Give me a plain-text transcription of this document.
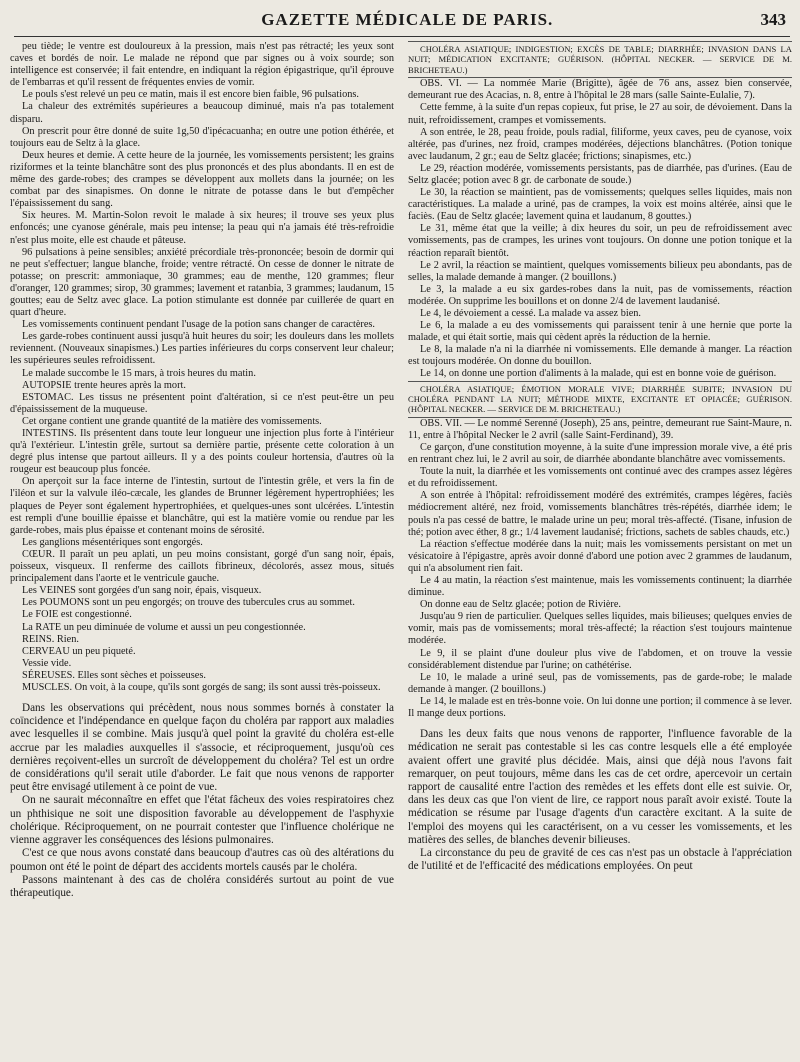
GAZETTE MÉDICALE DE PARIS.	343

peu tiède; le ventre est douloureux à la pression, mais n'est pas rétracté; les yeux sont caves et bordés de noir. Le malade ne répond que par signes ou à voix sourde; son intelligence est conservée; il fait entendre, en indiquant la région épigastrique, qu'il éprouve de l'embarras et qu'il ressent de fréquentes envies de vomir.

Le pouls s'est relevé un peu ce matin, mais il est encore bien faible, 96 pulsations.

La chaleur des extrémités supérieures a beaucoup diminué, mais n'a pas totalement disparu.

On prescrit pour être donné de suite 1g,50 d'ipécacuanha; en outre une potion éthérée, et toujours eau de Seltz à la glace.

Deux heures et demie. A cette heure de la journée, les vomissements persistent; les grains riziformes et la teinte blanchâtre sont des plus prononcés et des plus abondants. Il en est de même des garde-robes; des crampes se développent aux mollets dans la journée; on les combat par des sinapismes. On donne le nitrate de potasse dans le but d'empêcher l'épaississement du sang.

Six heures. M. Martin-Solon revoit le malade à six heures; il trouve ses yeux plus enfoncés; une cyanose générale, mais peu intense; la peau qui n'a jamais été très-refroidie n'est plus moite, elle est chaude et pâteuse.

96 pulsations à peine sensibles; anxiété précordiale très-prononcée; besoin de dormir qui ne peut s'effectuer; langue blanche, froide; ventre rétracté. On cesse de donner le nitrate de potasse; on prescrit: ammoniaque, 30 grammes; eau de menthe, 120 grammes; fleur d'oranger, 120 grammes; sirop, 30 grammes; lavement et ratanbia, 3 grammes; laudanum, 15 gouttes; eau de Seltz avec glace. La potion stimulante est donnée par cuillerée de quart en quart d'heure.

Les vomissements continuent pendant l'usage de la potion sans changer de caractères.

Les garde-robes continuent aussi jusqu'à huit heures du soir; les douleurs dans les mollets reviennent. (Nouveaux sinapismes.) Les parties inférieures du corps conservent leur chaleur; les supérieures seules refroidissent.

Le malade succombe le 15 mars, à trois heures du matin.

AUTOPSIE trente heures après la mort.

ESTOMAC. Les tissus ne présentent point d'altération, si ce n'est peut-être un peu d'épaississement de la muqueuse.

Cet organe contient une grande quantité de la matière des vomissements.

INTESTINS. Ils présentent dans toute leur longueur une injection plus forte à l'intérieur qu'à l'extérieur. L'intestin grêle, surtout sa dernière partie, présente cette coloration à un degré plus intense que partout ailleurs. Il y a des points couleur hortensia, d'autres où la rougeur est beaucoup plus foncée.

On aperçoit sur la face interne de l'intestin, surtout de l'intestin grêle, et vers la fin de l'iléon et sur la valvule iléo-cæcale, les glandes de Brunner légèrement hypertrophiées; les plaques de Peyer sont également hypertrophiées, et quelques-unes sont ulcérées. L'intestin est rempli d'une bouillie épaisse et blanchâtre, qui est la matière vomie ou rendue par les garde-robes, mais plus épaisse et contenant moins de sérosité.

Les ganglions mésentériques sont engorgés.

CŒUR. Il paraît un peu aplati, un peu moins consistant, gorgé d'un sang noir, épais, poisseux, visqueux. Il renferme des caillots fibrineux, décolorés, assez mous, situés principalement dans l'aorte et le ventricule gauche.

Les VEINES sont gorgées d'un sang noir, épais, visqueux.

Les POUMONS sont un peu engorgés; on trouve des tubercules crus au sommet.

Le FOIE est congestionné.

La RATE un peu diminuée de volume et aussi un peu congestionnée.

REINS. Rien.

CERVEAU un peu piqueté.

Vessie vide.

SÉREUSES. Elles sont sèches et poisseuses.

MUSCLES. On voit, à la coupe, qu'ils sont gorgés de sang; ils sont aussi très-poisseux.

Dans les observations qui précèdent, nous nous sommes bornés à constater la coïncidence et l'indépendance en quelque façon du choléra par rapport aux maladies avec lesquelles il se combine. Mais jusqu'à quel point la gravité du choléra est-elle accrue par les maladies auxquelles il s'associe, et réciproquement, jusqu'où ces dernières reçoivent-elles un surcroît de développement du choléra? Tel est un ordre de considérations qu'il serait utile d'aborder. Le fait que nous venons de rapporter peut être envisagé utilement à ce point de vue.

On ne saurait méconnaître en effet que l'état fâcheux des voies respiratoires chez un phthisique ne soit une disposition favorable au développement de l'asphyxie cholérique. Réciproquement, on ne pourrait contester que l'influence cholérique ne vienne aggraver les conséquences des lésions pulmonaires.

C'est ce que nous avons constaté dans beaucoup d'autres cas où des altérations du poumon ont été le point de départ des accidents mortels causés par le choléra.

Passons maintenant à des cas de choléra considérés surtout au point de vue thérapeutique.

CHOLÉRA ASIATIQUE; INDIGESTION; EXCÈS DE TABLE; DIARRHÉE; INVASION DANS LA NUIT; MÉDICATION EXCITANTE; GUÉRISON. (HÔPITAL NECKER. — SERVICE DE M. BRICHETEAU.)

OBS. VI. — La nommée Marie (Brigitte), âgée de 76 ans, assez bien conservée, demeurant rue des Acacias, n. 8, entre à l'hôpital le 28 mars (salle Sainte-Eulalie, 7).

Cette femme, à la suite d'un repas copieux, fut prise, le 27 au soir, de dévoiement. Dans la nuit, refroidissement, crampes et vomissements.

A son entrée, le 28, peau froide, pouls radial, filiforme, yeux caves, peu de cyanose, voix altérée, pas d'urines, nez froid, crampes modérées, déjections blanchâtres. (Potion tonique avec laudanum, 2 gr.; eau de Seltz glacée; frictions; sinapismes, etc.)

Le 29, réaction modérée, vomissements persistants, pas de diarrhée, pas d'urines. (Eau de Seltz glacée; potion avec 8 gr. de carbonate de soude.)

Le 30, la réaction se maintient, pas de vomissements; quelques selles liquides, mais non caractéristiques. La malade a uriné, pas de crampes, la voix est moins altérée, ainsi que le faciès. (Eau de Seltz glacée; lavement quina et laudanum, 8 gouttes.)

Le 31, même état que la veille; à dix heures du soir, un peu de refroidissement avec vomissements, pas de crampes, les urines vont toujours. On donne une potion tonique et la réaction reparaît bientôt.

Le 2 avril, la réaction se maintient, quelques vomissements bilieux peu abondants, pas de selles, la malade demande à manger. (2 bouillons.)

Le 3, la malade a eu six gardes-robes dans la nuit, pas de vomissements, réaction modérée. On supprime les bouillons et on donne 2/4 de lavement laudanisé.

Le 4, le dévoiement a cessé. La malade va assez bien.

Le 6, la malade a eu des vomissements qui paraissent tenir à une hernie que porte la malade, et qui était sortie, mais qui cèdent après la réduction de la hernie.

Le 8, la malade n'a ni la diarrhée ni vomissements. Elle demande à manger. La réaction est toujours modérée. On donne du bouillon.

Le 14, on donne une portion d'aliments à la malade, qui est en bonne voie de guérison.

CHOLÉRA ASIATIQUE; ÉMOTION MORALE VIVE; DIARRHÉE SUBITE; INVASION DU CHOLÉRA PENDANT LA NUIT; MÉTHODE MIXTE, EXCITANTE ET OPIACÉE; GUÉRISON. (HÔPITAL NECKER. — SERVICE DE M. BRICHETEAU.)

OBS. VII. — Le nommé Serenné (Joseph), 25 ans, peintre, demeurant rue Saint-Maure, n. 11, entre à l'hôpital Necker le 2 avril (salle Saint-Ferdinand), 39.

Ce garçon, d'une constitution moyenne, à la suite d'une impression morale vive, a été pris en rentrant chez lui, le 2 avril au soir, de diarrhée abondante blanchâtre avec vomissements.

Toute la nuit, la diarrhée et les vomissements ont continué avec des crampes assez légères et du refroidissement.

A son entrée à l'hôpital: refroidissement modéré des extrémités, crampes légères, faciès médiocrement altéré, nez froid, vomissements blanchâtres très-répétés, diarrhée idem; le pouls n'a pas cessé de battre, le malade urine un peu; moral très-affecté. (Tisane, infusion de thé; potion avec éther, 8 gr.; 1/4 lavement laudanisé; frictions, sachets de sables chauds, etc.)

La réaction s'effectue modérée dans la nuit; mais les vomissements persistant on met un vésicatoire à l'épigastre, après avoir donné d'abord une potion avec 2 grammes de laudanum, qui n'a absolument rien fait.

Le 4 au matin, la réaction s'est maintenue, mais les vomissements continuent; la diarrhée diminue.

On donne eau de Seltz glacée; potion de Rivière.

Jusqu'au 9 rien de particulier. Quelques selles liquides, mais bilieuses; quelques envies de vomir, mais pas de vomissements; moral très-affecté; la réaction s'est toujours maintenue modérée.

Le 9, il se plaint d'une douleur plus vive de l'abdomen, et on trouve la vessie considérablement distendue par l'urine; on cathétérise.

Le 10, le malade a uriné seul, pas de vomissements, pas de garde-robe; le malade demande à manger. (2 bouillons.)

Le 14, le malade est en très-bonne voie. On lui donne une portion; il commence à se lever. Il mange deux portions.

Dans les deux faits que nous venons de rapporter, l'influence favorable de la médication ne serait pas contestable si les cas contre lesquels elle a été employée avaient offert une gravité plus décidée. Mais, ainsi que déjà nous l'avons fait remarquer, on peut toujours, même dans les cas de cet ordre, apercevoir un certain rapport de causalité entre l'action des remèdes et les effets dont elle est suivie. Or, dans les deux cas que l'on vient de lire, ce rapport nous paraît avoir existé. Toute la médication se résume par l'usage d'agents d'un caractère excitant. A la suite de l'emploi des moyens qui les caractérisent, on a vu cesser les vomissements, et les matières des selles, de blanches devenir bilieuses.

La circonstance du peu de gravité de ces cas n'est pas un obstacle à l'appréciation de l'utilité et de l'efficacité des médications employées. On peut
